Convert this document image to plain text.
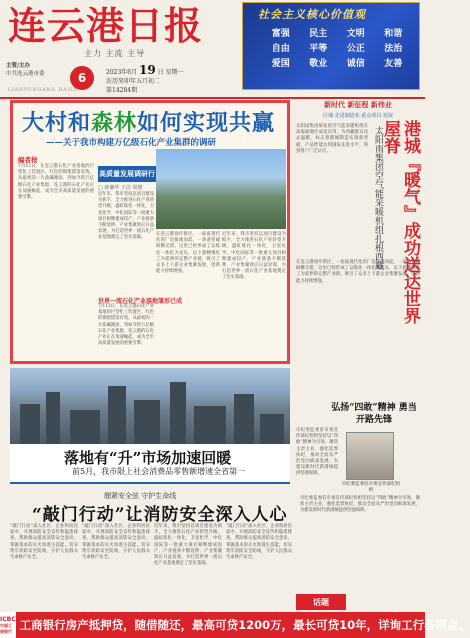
连云港日报
主力 主流 主导
主管/主办
中共连云港市委	6	2023年6月 19 日 星期一
农历癸卯年五月初二
第14284期
LIANYUNGANG DAILY
社会主义核心价值观
富强	民主	文明	和谐
自由	平等	公正	法治
爱国	敬业	诚信	友善
大村和森林如何实现共赢
——关于我市构建万亿级石化产业集群的调研
编者按
7月13日，在连云港石化产业基地的巨型化工装置区，红色的钢架错落有致。从最初的一片盐碱滩涂，到如今的万亿级石化产业集群，连云港的石化产业正在加速崛起，成为全市高质量发展的重要引擎。
高质量发展调研行
□ 薛廉华 王洁 周德
近年来，我市坚持以项目建设为抓手，全力推进石化产业转型升级，盛虹炼化一体化、卫星化学、中化国际等一批重大项目相继建成投产，产业链条不断延伸，产业集聚效应日益显现，为打造世界一流石化产业基地奠定了坚实基础。
在连云港徐圩新区，一座座现代化的厂房拔地而起，一条条管廊纵横交错。这里已经形成了以炼化一体化为龙头，以下游精细化工为延伸的完整产业链，吸引了众多上下游企业集聚发展，创新能力持续增强。
近年来，我市坚持以项目建设为抓手，全力推进石化产业转型升级，盛虹炼化一体化、卫星化学、中化国际等一批重大项目相继建成投产，产业链条不断延伸，产业集聚效应日益显现，为打造世界一流石化产业基地奠定了坚实基础。
世界一流石化产业基地雏形已成
7月13日，在连云港石化产业基地的巨型化工装置区，红色的钢架错落有致。从最初的一片盐碱滩涂，到如今的万亿级石化产业集群，连云港的石化产业正在加速崛起，成为全市高质量发展的重要引擎。
新时代 新征程 新伟业
区域·先进制造业·重点项目·发展
港城『暖气』成功送达世界屋脊
太阳雨集团空气能采暖机组扎根西藏
太阳雨集团研发的空气能采暖机组在高海拔地区成功应用，为西藏群众送去温暖，标志着港城制造实现新突破，产品性能达到国际先进水平，得到用户广泛认可。
在连云港徐圩新区，一座座现代化的厂房拔地而起，一条条管廊纵横交错。这里已经形成了以炼化一体化为龙头，以下游精细化工为延伸的完整产业链，吸引了众多上下游企业集聚发展，创新能力持续增强。
落地有“升”市场加速回暖
前5月，我市限上社会消费品零售额增速全省第一
绷紧安全弦 守护生命线
“敲门行动”让消防安全深入人心
“敲门行动”深入社区、企业和居民家中，开展消防安全宣传和隐患排查，帮助群众提高消防安全意识，掌握基本的灭火和逃生技能，切实筑牢消防安全防线，守护人民群众生命财产安全。
“敲门行动”深入社区、企业和居民家中，开展消防安全宣传和隐患排查，帮助群众提高消防安全意识，掌握基本的灭火和逃生技能，切实筑牢消防安全防线，守护人民群众生命财产安全。
近年来，我市坚持以项目建设为抓手，全力推进石化产业转型升级，盛虹炼化一体化、卫星化学、中化国际等一批重大项目相继建成投产，产业链条不断延伸，产业集聚效应日益显现，为打造世界一流石化产业基地奠定了坚实基础。
“敲门行动”深入社区、企业和居民家中，开展消防安全宣传和隐患排查，帮助群众提高消防安全意识，掌握基本的灭火和逃生技能，切实筑牢消防安全防线，守护人民群众生命财产安全。
弘扬“四敢”精神 勇当开路先锋
市纪委监委驻市委宣传部纪检组
市纪委监委驻市委宣传部纪检组坚持以“四敢”精神为引领，聚焦主责主业，强化监督执纪，推动全面从严治党向纵深发展，为建设新时代新港城提供坚强保障。
市纪委监委驻市委宣传部纪检组坚持以“四敢”精神为引领，聚焦主责主业，强化监督执纪，推动全面从严治党向纵深发展，为建设新时代新港城提供坚强保障。
话题
ICBC
中国工商银行 工商银行房产抵押贷，随借随还，最高可贷1200万，最长可贷10年，详询工行各网点。
